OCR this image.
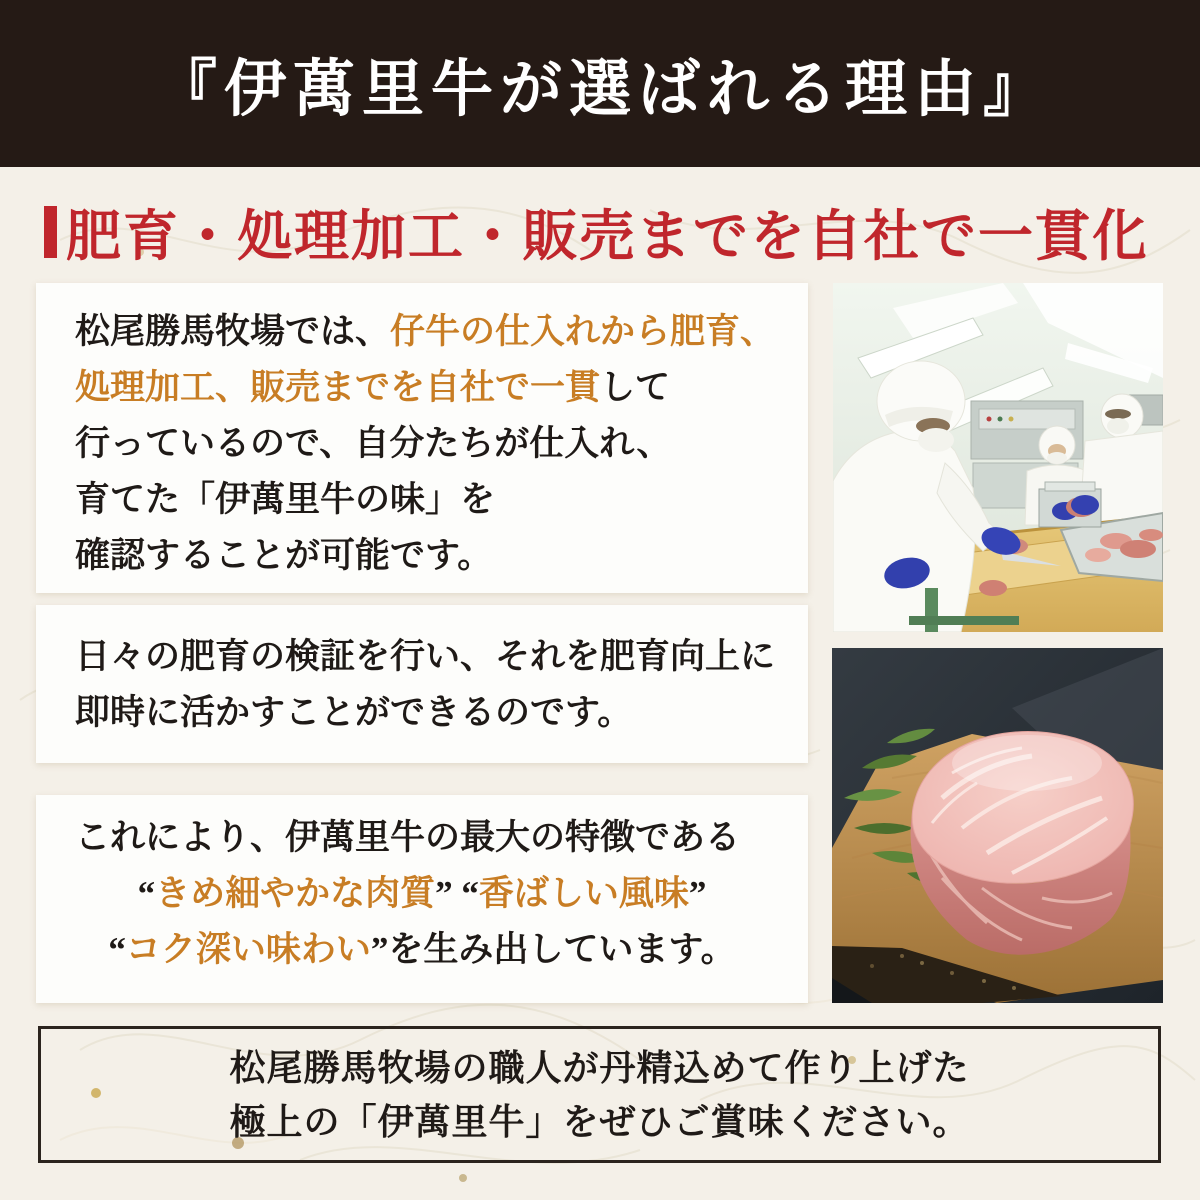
『伊萬里牛が選ばれる理由』
肥育・処理加工・販売までを自社で一貫化
松尾勝馬牧場では、仔牛の仕入れから肥育、
処理加工、販売までを自社で一貫して
行っているので、自分たちが仕入れ、
育てた「伊萬里牛の味」を
確認することが可能です。
日々の肥育の検証を行い、それを肥育向上に
即時に活かすことができるのです。
これにより、伊萬里牛の最大の特徴である
“きめ細やかな肉質” “香ばしい風味”
“コク深い味わい”を生み出しています。
松尾勝馬牧場の職人が丹精込めて作り上げた
極上の「伊萬里牛」をぜひご賞味ください。
